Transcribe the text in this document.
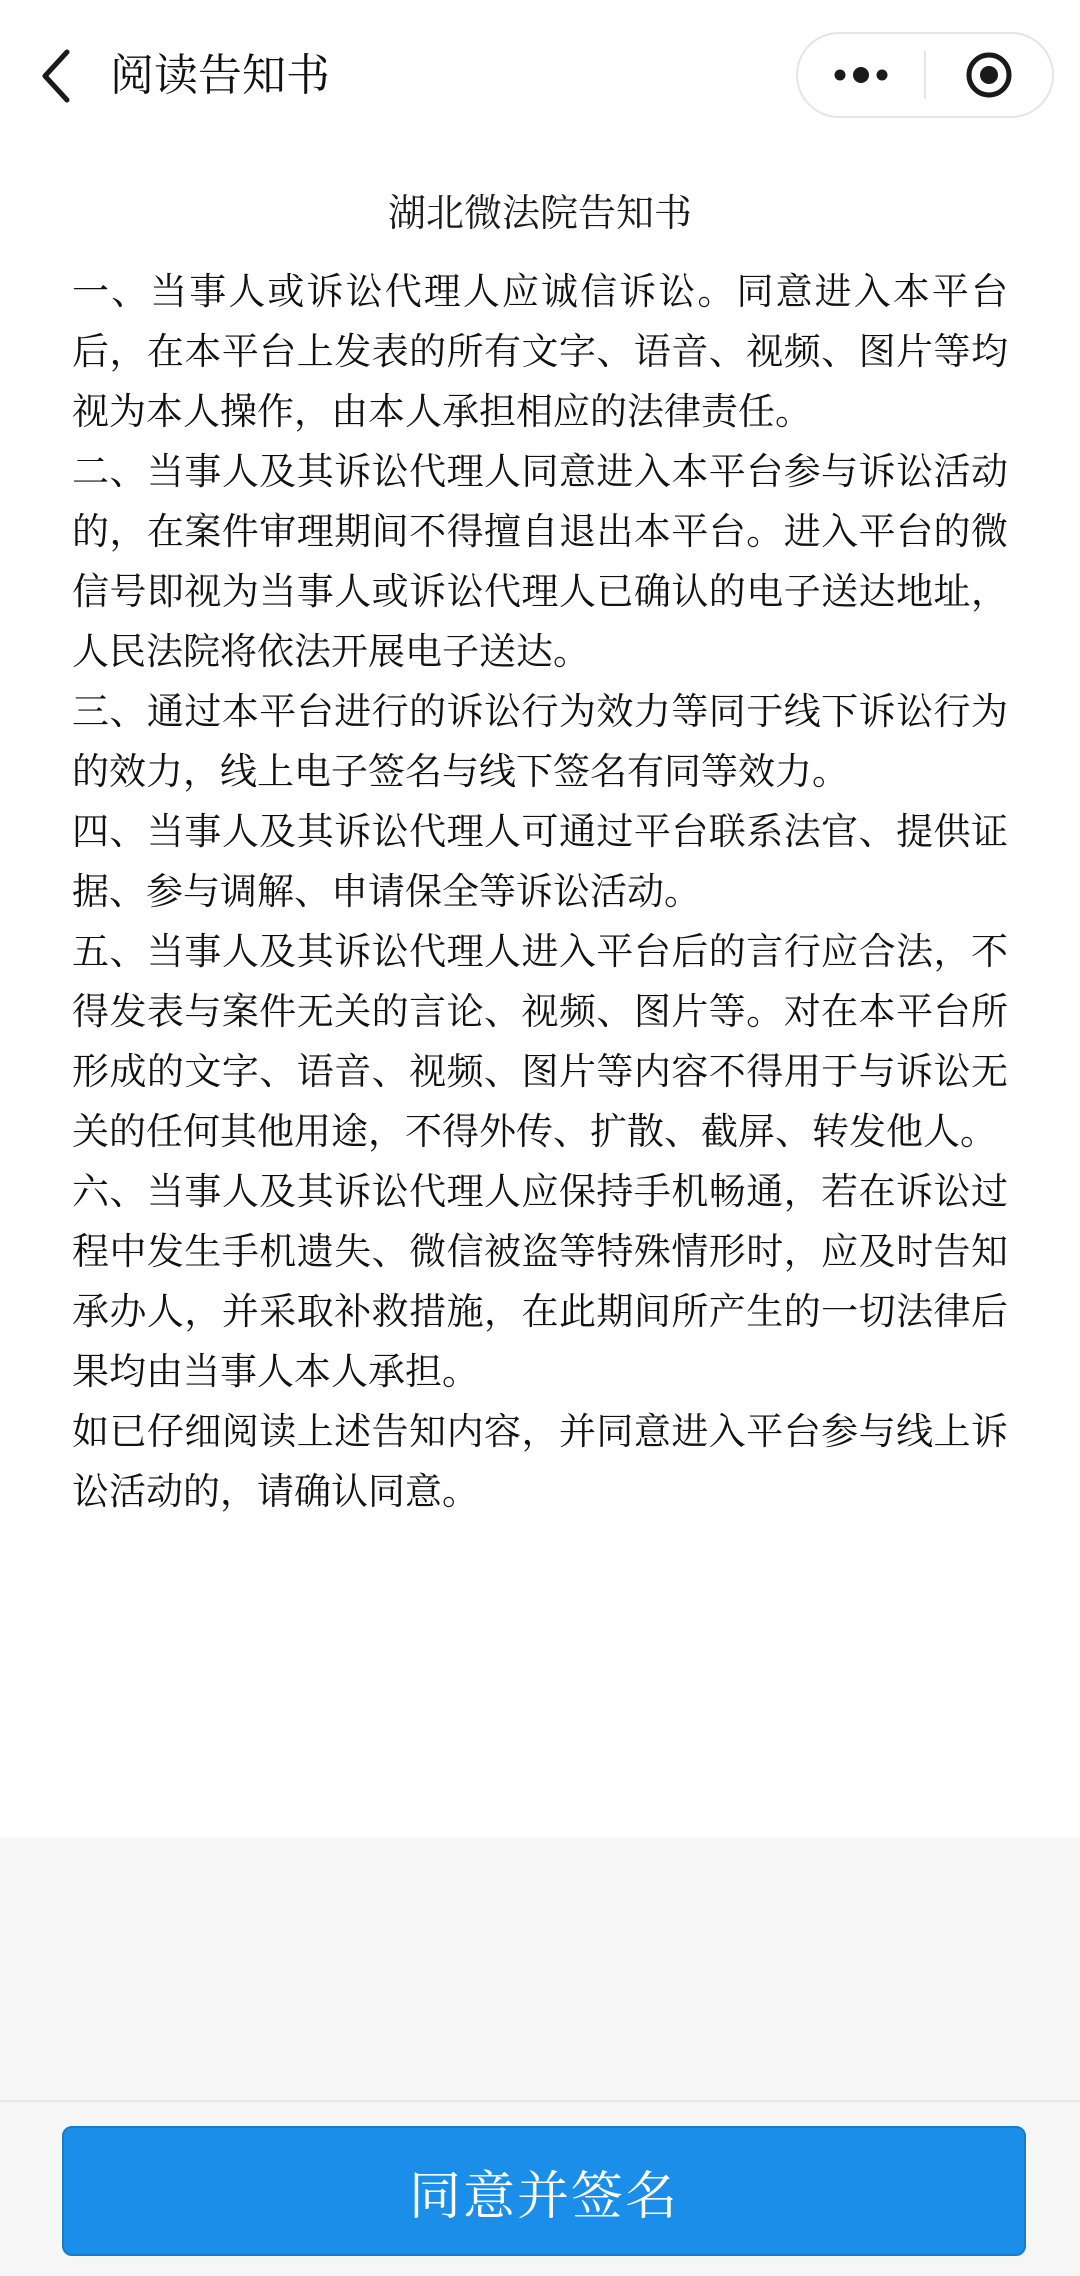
阅读告知书
湖北微法院告知书

一、当事人或诉讼代理人应诚信诉讼。同意进入本平台后，在本平台上发表的所有文字、语音、视频、图片等均视为本人操作，由本人承担相应的法律责任。

二、当事人及其诉讼代理人同意进入本平台参与诉讼活动的，在案件审理期间不得擅自退出本平台。进入平台的微信号即视为当事人或诉讼代理人已确认的电子送达地址，人民法院将依法开展电子送达。

三、通过本平台进行的诉讼行为效力等同于线下诉讼行为的效力，线上电子签名与线下签名有同等效力。

四、当事人及其诉讼代理人可通过平台联系法官、提供证据、参与调解、申请保全等诉讼活动。

五、当事人及其诉讼代理人进入平台后的言行应合法，不得发表与案件无关的言论、视频、图片等。对在本平台所形成的文字、语音、视频、图片等内容不得用于与诉讼无关的任何其他用途，不得外传、扩散、截屏、转发他人。

六、当事人及其诉讼代理人应保持手机畅通，若在诉讼过程中发生手机遗失、微信被盗等特殊情形时，应及时告知承办人，并采取补救措施，在此期间所产生的一切法律后果均由当事人本人承担。

如已仔细阅读上述告知内容，并同意进入平台参与线上诉讼活动的，请确认同意。

同意并签名
